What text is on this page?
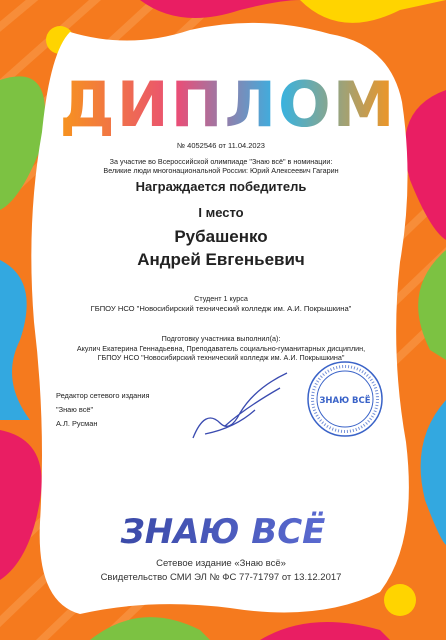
ДИПЛОМ
№ 4052546 от 11.04.2023
За участие во Всероссийской олимпиаде "Знаю всё" в номинации:
Великие люди многонациональной России: Юрий Алексеевич Гагарин
Награждается победитель
I место
Рубашенко
Андрей Евгеньевич
Студент 1 курса
ГБПОУ НСО "Новосибирский технический колледж им. А.И. Покрышкина"
Подготовку участника выполнил(а):
Акулич Екатерина Геннадьевна, Преподаватель социально-гуманитарных дисциплин,
ГБПОУ НСО "Новосибирский технический колледж им. А.И. Покрышкина"
Редактор сетевого издания
"Знаю всё"
А.Л. Русман
ЗНАЮ ВСЁ
ЗНАЮ ВСЁ
Сетевое издание «Знаю всё»
Свидетельство СМИ ЭЛ № ФС 77-71797 от 13.12.2017
